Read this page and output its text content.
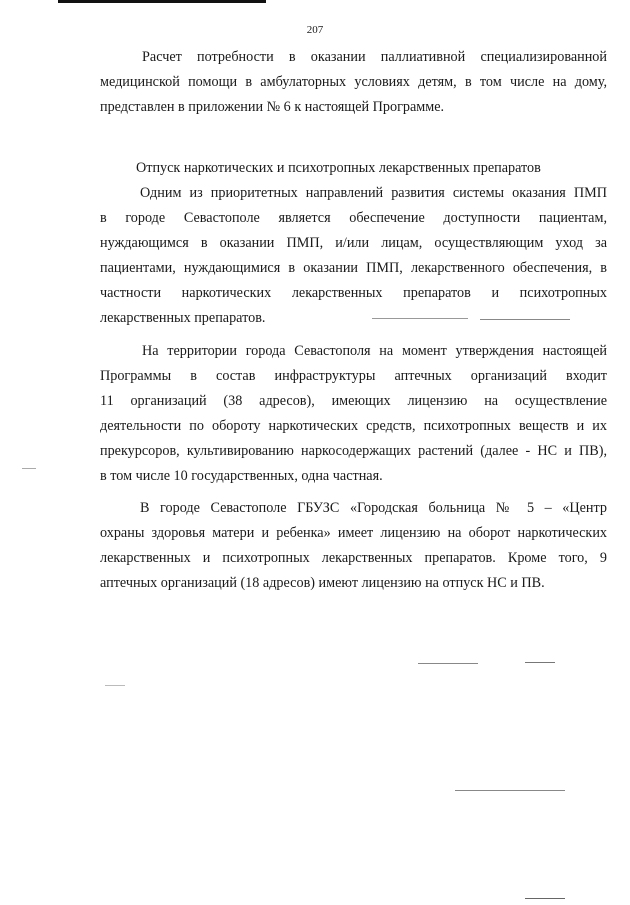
207
Расчет потребности в оказании паллиативной специализированной
медицинской помощи в амбулаторных условиях детям, в том числе на дому,
представлен в приложении № 6 к настоящей Программе.
Отпуск наркотических и психотропных лекарственных препаратов
Одним из приоритетных направлений развития системы оказания ПМП
в городе Севастополе является обеспечение доступности пациентам,
нуждающимся в оказании ПМП, и/или лицам, осуществляющим уход за
пациентами, нуждающимися в оказании ПМП, лекарственного обеспечения, в
частности наркотических лекарственных препаратов и психотропных
лекарственных препаратов.
На территории города Севастополя на момент утверждения настоящей
Программы в состав инфраструктуры аптечных организаций входит
11 организаций (38 адресов), имеющих лицензию на осуществление
деятельности по обороту наркотических средств, психотропных веществ и их
прекурсоров, культивированию наркосодержащих растений (далее - НС и ПВ),
в том числе 10 государственных, одна частная.
В городе Севастополе ГБУЗС «Городская больница № 5 – «Центр
охраны здоровья матери и ребенка» имеет лицензию на оборот наркотических
лекарственных и психотропных лекарственных препаратов. Кроме того, 9
аптечных организаций (18 адресов) имеют лицензию на отпуск НС и ПВ.
